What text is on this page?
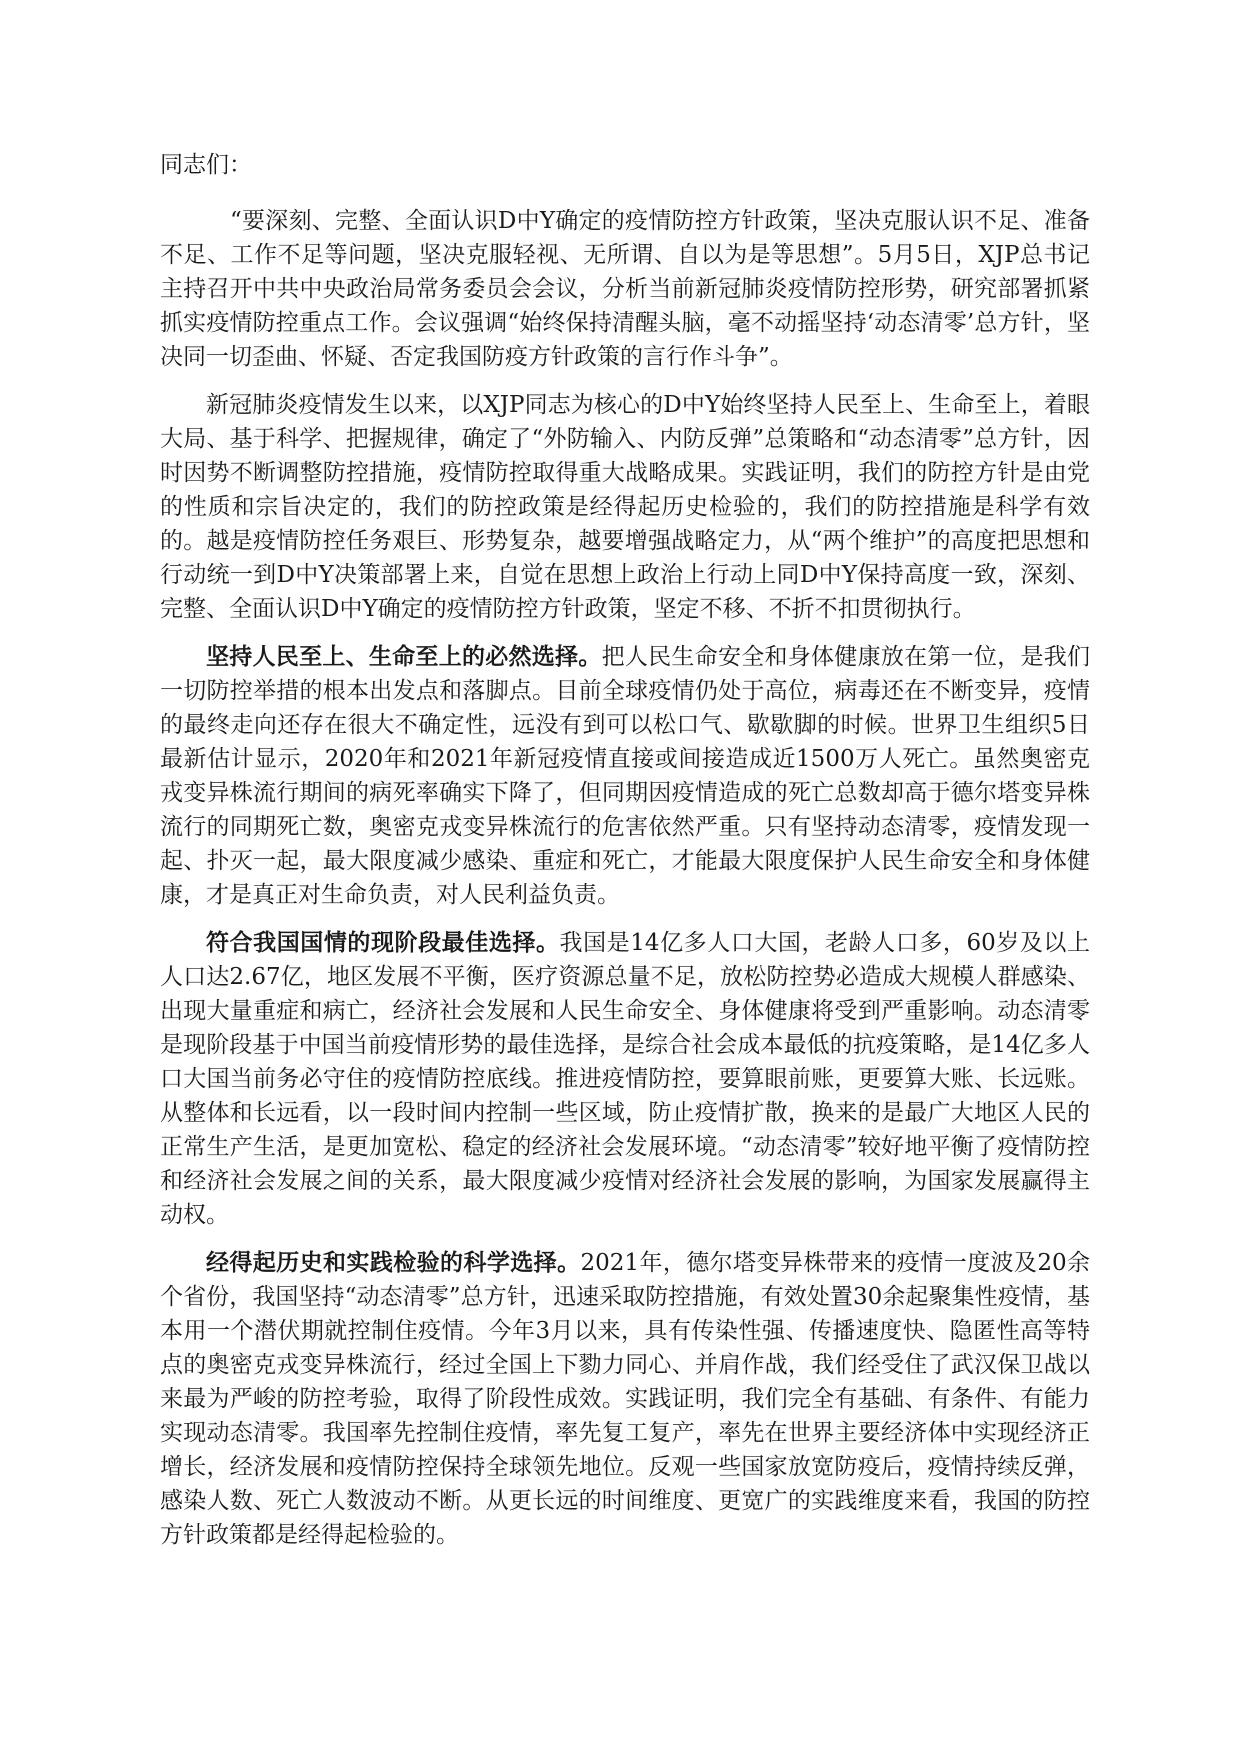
同志们：

“要深刻、完整、全面认识D中Y确定的疫情防控方针政策，坚决克服认识不足、准备不足、工作不足等问题，坚决克服轻视、无所谓、自以为是等思想”。5月5日，XJP总书记主持召开中共中央政治局常务委员会会议，分析当前新冠肺炎疫情防控形势，研究部署抓紧抓实疫情防控重点工作。会议强调“始终保持清醒头脑，毫不动摇坚持‘动态清零’总方针，坚决同一切歪曲、怀疑、否定我国防疫方针政策的言行作斗争”。

新冠肺炎疫情发生以来，以XJP同志为核心的D中Y始终坚持人民至上、生命至上，着眼大局、基于科学、把握规律，确定了“外防输入、内防反弹”总策略和“动态清零”总方针，因时因势不断调整防控措施，疫情防控取得重大战略成果。实践证明，我们的防控方针是由党的性质和宗旨决定的，我们的防控政策是经得起历史检验的，我们的防控措施是科学有效的。越是疫情防控任务艰巨、形势复杂，越要增强战略定力，从“两个维护”的高度把思想和行动统一到D中Y决策部署上来，自觉在思想上政治上行动上同D中Y保持高度一致，深刻、完整、全面认识D中Y确定的疫情防控方针政策，坚定不移、不折不扣贯彻执行。

坚持人民至上、生命至上的必然选择。把人民生命安全和身体健康放在第一位，是我们一切防控举措的根本出发点和落脚点。目前全球疫情仍处于高位，病毒还在不断变异，疫情的最终走向还存在很大不确定性，远没有到可以松口气、歇歇脚的时候。世界卫生组织5日最新估计显示，2020年和2021年新冠疫情直接或间接造成近1500万人死亡。虽然奥密克戎变异株流行期间的病死率确实下降了，但同期因疫情造成的死亡总数却高于德尔塔变异株流行的同期死亡数，奥密克戎变异株流行的危害依然严重。只有坚持动态清零，疫情发现一起、扑灭一起，最大限度减少感染、重症和死亡，才能最大限度保护人民生命安全和身体健康，才是真正对生命负责，对人民利益负责。

符合我国国情的现阶段最佳选择。我国是14亿多人口大国，老龄人口多，60岁及以上人口达2.67亿，地区发展不平衡，医疗资源总量不足，放松防控势必造成大规模人群感染、出现大量重症和病亡，经济社会发展和人民生命安全、身体健康将受到严重影响。动态清零是现阶段基于中国当前疫情形势的最佳选择，是综合社会成本最低的抗疫策略，是14亿多人口大国当前务必守住的疫情防控底线。推进疫情防控，要算眼前账，更要算大账、长远账。从整体和长远看，以一段时间内控制一些区域，防止疫情扩散，换来的是最广大地区人民的正常生产生活，是更加宽松、稳定的经济社会发展环境。“动态清零”较好地平衡了疫情防控和经济社会发展之间的关系，最大限度减少疫情对经济社会发展的影响，为国家发展赢得主动权。

经得起历史和实践检验的科学选择。2021年，德尔塔变异株带来的疫情一度波及20余个省份，我国坚持“动态清零”总方针，迅速采取防控措施，有效处置30余起聚集性疫情，基本用一个潜伏期就控制住疫情。今年3月以来，具有传染性强、传播速度快、隐匿性高等特点的奥密克戎变异株流行，经过全国上下勠力同心、并肩作战，我们经受住了武汉保卫战以来最为严峻的防控考验，取得了阶段性成效。实践证明，我们完全有基础、有条件、有能力实现动态清零。我国率先控制住疫情，率先复工复产，率先在世界主要经济体中实现经济正增长，经济发展和疫情防控保持全球领先地位。反观一些国家放宽防疫后，疫情持续反弹，感染人数、死亡人数波动不断。从更长远的时间维度、更宽广的实践维度来看，我国的防控方针政策都是经得起检验的。
